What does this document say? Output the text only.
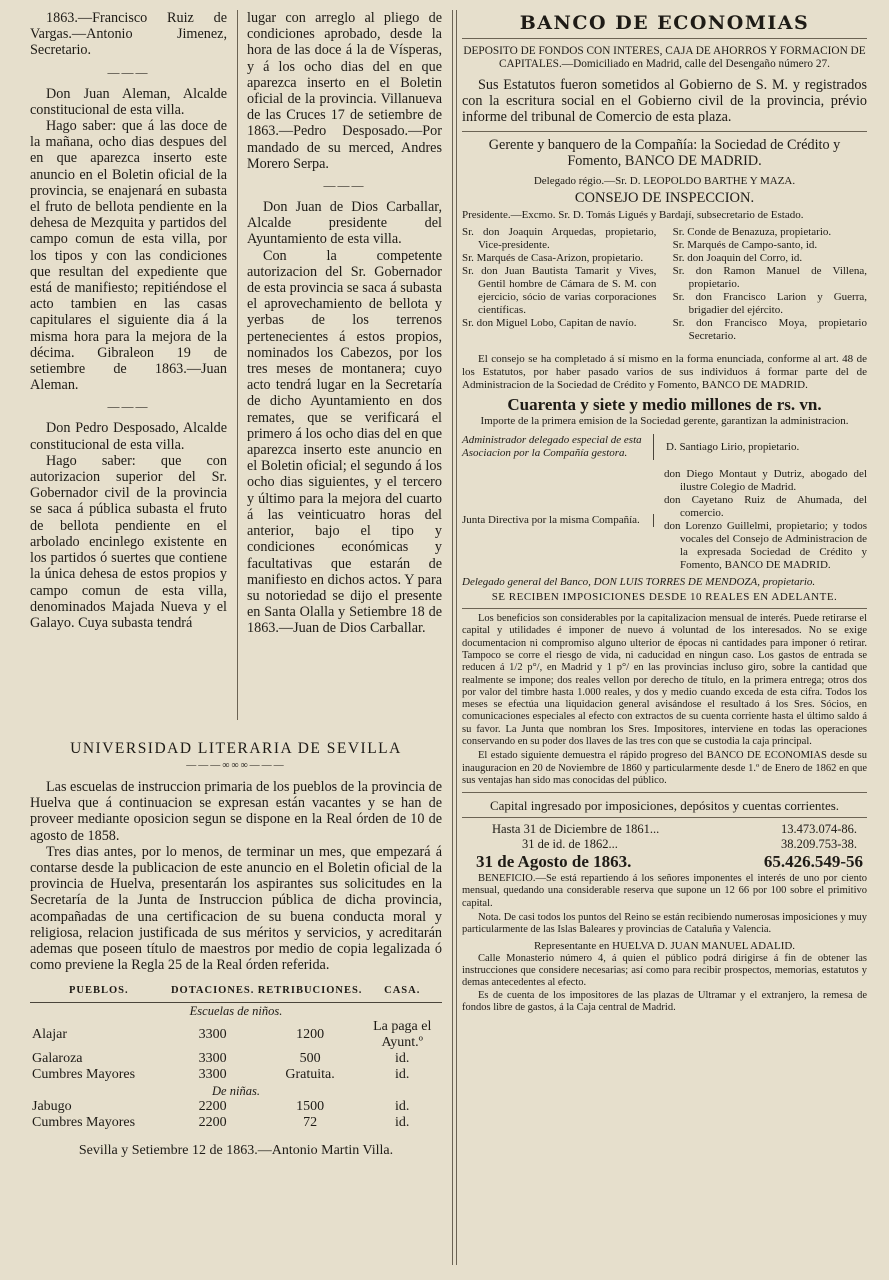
1863.—Francisco Ruiz de Vargas.—Antonio Jimenez, Secretario.

———

Don Juan Aleman, Alcalde constitucional de esta villa.

Hago saber: que á las doce de la mañana, ocho dias despues del en que aparezca inserto este anuncio en el Boletin oficial de la provincia, se enajenará en subasta el fruto de bellota pendiente en la dehesa de Mezquita y partidos del campo comun de esta villa, por los tipos y con las condiciones que resultan del expediente que está de manifiesto; repitiéndose el acto tambien en las casas capitulares el siguiente dia á la misma hora para la mejora de la décima. Gibraleon 19 de setiembre de 1863.—Juan Aleman.

———

Don Pedro Desposado, Alcalde constitucional de esta villa.

Hago saber: que con autorizacion superior del Sr. Gobernador civil de la provincia se saca á pública subasta el fruto de bellota pendiente en el arbolado encinlego existente en los partidos ó suertes que contiene la única dehesa de estos propios y campo comun de esta villa, denominados Majada Nueva y el Galayo. Cuya subasta tendrá

lugar con arreglo al pliego de condiciones aprobado, desde la hora de las doce á la de Vísperas, y á los ocho dias del en que aparezca inserto en el Boletin oficial de la provincia. Villanueva de las Cruces 17 de setiembre de 1863.—Pedro Desposado.—Por mandado de su merced, Andres Morero Serpa.

———

Don Juan de Dios Carballar, Alcalde presidente del Ayuntamiento de esta villa.

Con la competente autorizacion del Sr. Gobernador de esta provincia se saca á subasta el aprovechamiento de bellota y yerbas de los terrenos pertenecientes á estos propios, nominados los Cabezos, por los tres meses de montanera; cuyo acto tendrá lugar en la Secretaría de dicho Ayuntamiento en dos remates, que se verificará el primero á los ocho dias del en que aparezca inserto este anuncio en el Boletin oficial; el segundo á los ocho dias siguientes, y el tercero y último para la mejora del cuarto á las veinticuatro horas del anterior, bajo el tipo y condiciones económicas y facultativas que estarán de manifiesto en dichos actos. Y para su notoriedad se dijo el presente en Santa Olalla y Setiembre 18 de 1863.—Juan de Dios Carballar.

UNIVERSIDAD LITERARIA DE SEVILLA
———∞∞∞———

Las escuelas de instruccion primaria de los pueblos de la provincia de Huelva que á continuacion se expresan están vacantes y se han de proveer mediante oposicion segun se dispone en la Real órden de 10 de agosto de 1858.

Tres dias antes, por lo menos, de terminar un mes, que empezará á contarse desde la publicacion de este anuncio en el Boletin oficial de la provincia de Huelva, presentarán los aspirantes sus solicitudes en la Secretaría de la Junta de Instruccion pública de dicha provincia, acompañadas de una certificacion de su buena conducta moral y religiosa, relacion justificada de sus méritos y servicios, y acreditarán ademas que poseen título de maestros por medio de copia legalizada ó como previene la Regla 25 de la Real órden referida.

PUEBLOS.	DOTACIONES.	RETRIBUCIONES.	CASA.
Escuelas de niños.			
Alajar	3300	1200	La paga el Ayunt.º
Galaroza	3300	500	id.
Cumbres Mayores	3300	Gratuita.	id.
De niñas.			
Jabugo	2200	1500	id.
Cumbres Mayores	2200	72	id.
Sevilla y Setiembre 12 de 1863.—Antonio Martin Villa.
BANCO DE ECONOMIAS

DEPOSITO DE FONDOS CON INTERES, CAJA DE AHORROS Y FORMACION DE CAPITALES.—Domiciliado en Madrid, calle del Desengaño número 27.

Sus Estatutos fueron sometidos al Gobierno de S. M. y registrados con la escritura social en el Gobierno civil de la provincia, prévio informe del tribunal de Comercio de esta plaza.

Gerente y banquero de la Compañía: la Sociedad de Crédito y Fomento, BANCO DE MADRID.

Delegado régio.—Sr. D. LEOPOLDO BARTHE Y MAZA.

CONSEJO DE INSPECCION.

Presidente.—Excmo. Sr. D. Tomás Ligués y Bardají, subsecretario de Estado.

Sr. don Joaquin Arquedas, propietario, Vice-presidente.

Sr. Marqués de Casa-Arizon, propietario.

Sr. don Juan Bautista Tamarit y Vives, Gentil hombre de Cámara de S. M. con ejercicio, sócio de varias corporaciones científicas.

Sr. don Miguel Lobo, Capitan de navío.

Sr. Conde de Benazuza, propietario.

Sr. Marqués de Campo-santo, id.

Sr. don Joaquin del Corro, id.

Sr. don Ramon Manuel de Villena, propietario.

Sr. don Francisco Larion y Guerra, brigadier del ejército.

Sr. don Francisco Moya, propietario Secretario.

El consejo se ha completado á sí mismo en la forma enunciada, conforme al art. 48 de los Estatutos, por haber pasado varios de sus individuos á formar parte del de Administracion de la Sociedad de Crédito y Fomento, BANCO DE MADRID.

Cuarenta y siete y medio millones de rs. vn.

Importe de la primera emision de la Sociedad gerente, garantizan la administracion.

Administrador delegado especial de esta Asociacion por la Compañía gestora.
D. Santiago Lirio, propietario.
Junta Directiva por la misma Compañía.

don Diego Montaut y Dutriz, abogado del ilustre Colegio de Madrid.

don Cayetano Ruiz de Ahumada, del comercio.

don Lorenzo Guillelmi, propietario; y todos vocales del Consejo de Administracion de la expresada Sociedad de Crédito y Fomento, BANCO DE MADRID.

Delegado general del Banco, DON LUIS TORRES DE MENDOZA, propietario.

SE RECIBEN IMPOSICIONES DESDE 10 REALES EN ADELANTE.

Los beneficios son considerables por la capitalizacion mensual de interés. Puede retirarse el capital y utilidades é imponer de nuevo á voluntad de los interesados. No se exige documentacion ni compromiso alguno ulterior de épocas ni cantidades para imponer ó retirar. Tampoco se corre el riesgo de vida, ni caducidad en ningun caso. Los gastos de entrada se reducen á 1/2 p°/, en Madrid y 1 p°/ en las provincias incluso giro, sobre la cantidad que realmente se impone; dos reales vellon por derecho de título, en la primera entrega; otros dos por valor del timbre hasta 1.000 reales, y dos y medio cuando exceda de esta cifra. Todos los meses se efectúa una liquidacion general avisándose el resultado á los Sres. Sócios, en comunicaciones especiales al efecto con extractos de su cuenta corriente hasta el último saldo á su favor. La Junta que nombran los Sres. Impositores, interviene en todas las operaciones conservando en su poder dos llaves de las tres con que se custodia la caja principal.

El estado siguiente demuestra el rápido progreso del BANCO DE ECONOMIAS desde su inauguracion en 20 de Noviembre de 1860 y particularmente desde 1.º de Enero de 1862 en que sus ventajas han sido mas conocidas del público.

Capital ingresado por imposiciones, depósitos y cuentas corrientes.

Hasta 31 de Diciembre de 1861...	13.473.074-86.
31 de id. de 1862...	38.209.753-38.
31 de Agosto de 1863.	65.426.549-56

BENEFICIO.—Se está repartiendo á los señores imponentes el interés de uno por ciento mensual, quedando una considerable reserva que supone un 12 66 por 100 sobre el primitivo capital.

Nota. De casi todos los puntos del Reino se están recibiendo numerosas imposiciones y muy particularmente de las Islas Baleares y provincias de Cataluña y Valencia.

Representante en HUELVA D. JUAN MANUEL ADALID.

Calle Monasterio número 4, á quien el público podrá dirigirse á fin de obtener las instrucciones que considere necesarias; así como para recibir prospectos, memorias, estatutos y demas antecedentes al efecto.

Es de cuenta de los impositores de las plazas de Ultramar y el extranjero, la remesa de fondos libre de gastos, á la Caja central de Madrid.
